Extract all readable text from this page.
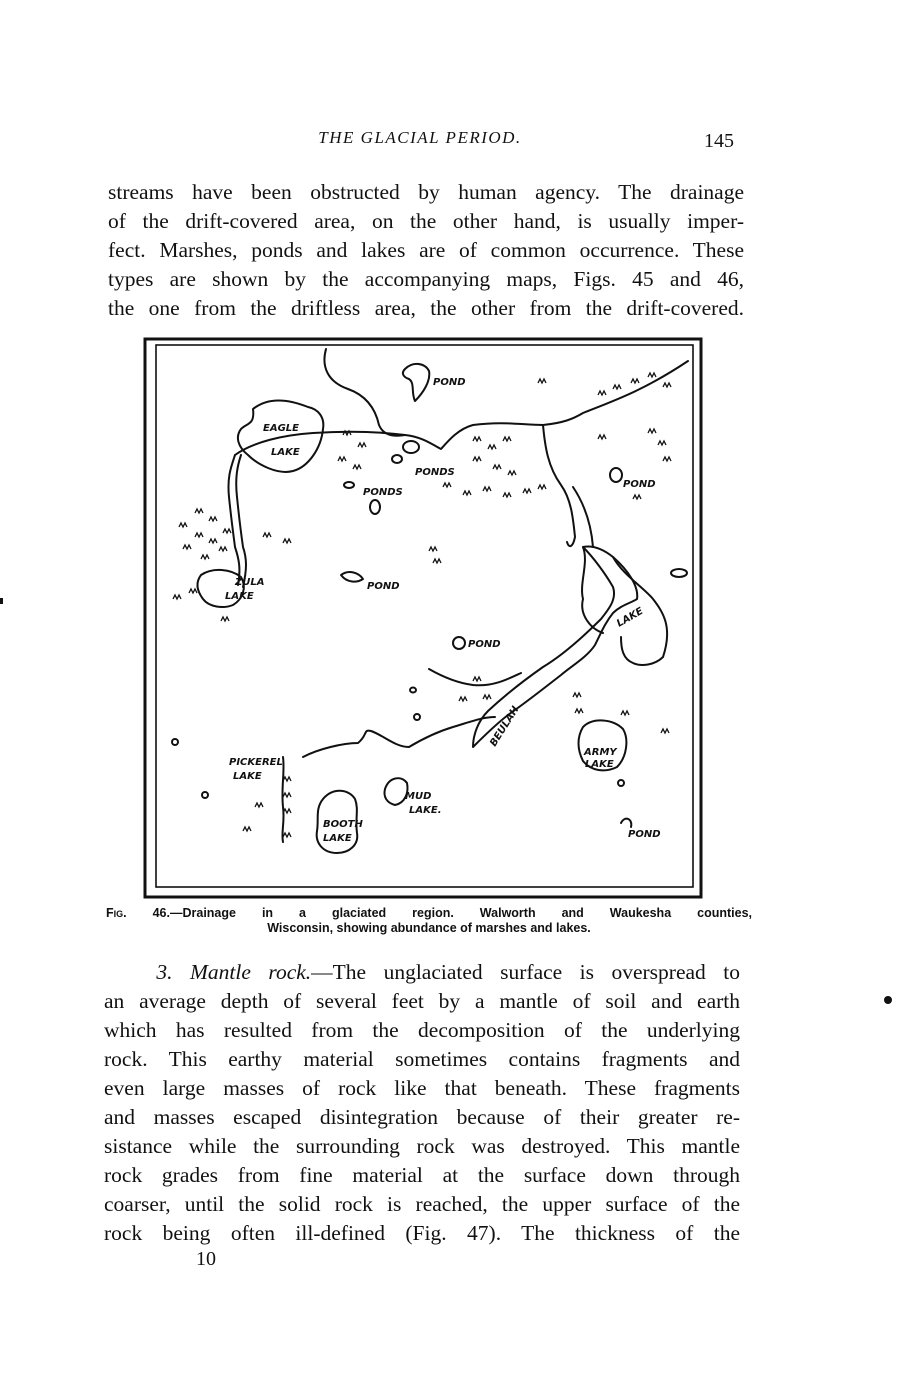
THE GLACIAL PERIOD.	145
streams have been obstructed by human agency. The drainage
of the drift-covered area, on the other hand, is usually imper-
fect. Marshes, ponds and lakes are of common occurrence. These
types are shown by the accompanying maps, Figs. 45 and 46,
the one from the driftless area, the other from the drift-covered.
POND
EAGLE
LAKE
PONDS
PONDS
POND
ZULA
LAKE
POND
POND
LAKE
BEULAH
PICKEREL
LAKE
ARMY
LAKE
MUD
LAKE.
BOOTH
LAKE	POND
Fig. 46.—Drainage in a glaciated region. Walworth and Waukesha counties,
Wisconsin, showing abundance of marshes and lakes.
3. Mantle rock.—The unglaciated surface is overspread to
an average depth of several feet by a mantle of soil and earth
which has resulted from the decomposition of the underlying
rock. This earthy material sometimes contains fragments and
even large masses of rock like that beneath. These fragments
and masses escaped disintegration because of their greater re-
sistance while the surrounding rock was destroyed. This mantle
rock grades from fine material at the surface down through
coarser, until the solid rock is reached, the upper surface of the
rock being often ill-defined (Fig. 47). The thickness of the
10
